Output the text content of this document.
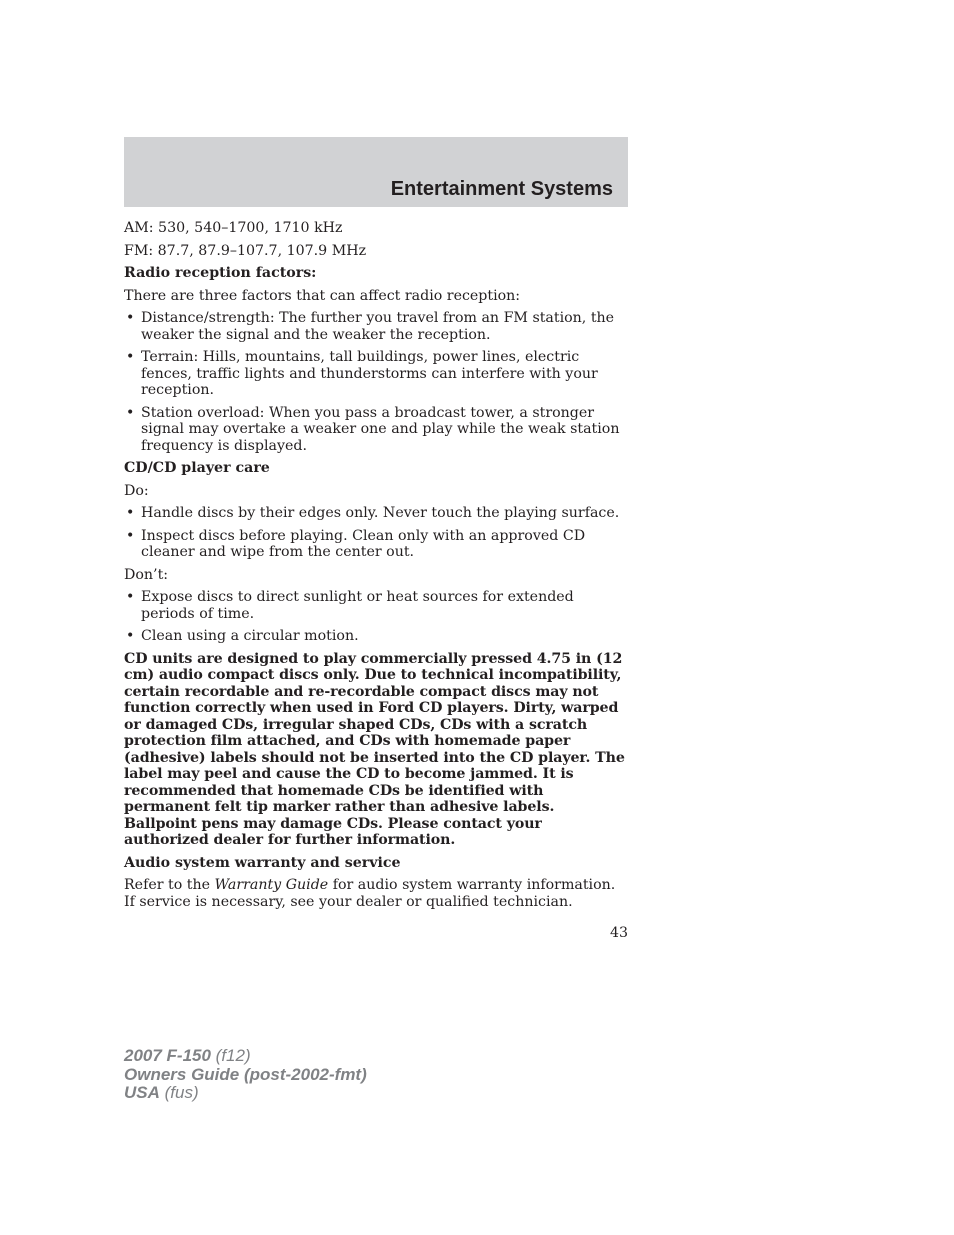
Entertainment Systems
AM: 530, 540–1700, 1710 kHz
FM: 87.7, 87.9–107.7, 107.9 MHz
Radio reception factors:
There are three factors that can affect radio reception:
• Distance/strength: The further you travel from an FM station, the weaker the signal and the weaker the reception.
• Terrain: Hills, mountains, tall buildings, power lines, electric fences, traffic lights and thunderstorms can interfere with your reception.
• Station overload: When you pass a broadcast tower, a stronger signal may overtake a weaker one and play while the weak station frequency is displayed.
CD/CD player care
Do:
• Handle discs by their edges only. Never touch the playing surface.
• Inspect discs before playing. Clean only with an approved CD cleaner and wipe from the center out.
Don’t:
• Expose discs to direct sunlight or heat sources for extended periods of time.
• Clean using a circular motion.
CD units are designed to play commercially pressed 4.75 in (12 cm) audio compact discs only. Due to technical incompatibility, certain recordable and re-recordable compact discs may not function correctly when used in Ford CD players. Dirty, warped or damaged CDs, irregular shaped CDs, CDs with a scratch protection film attached, and CDs with homemade paper (adhesive) labels should not be inserted into the CD player. The label may peel and cause the CD to become jammed. It is recommended that homemade CDs be identified with permanent felt tip marker rather than adhesive labels. Ballpoint pens may damage CDs. Please contact your authorized dealer for further information.
Audio system warranty and service
Refer to the Warranty Guide for audio system warranty information. If service is necessary, see your dealer or qualified technician.
43
2007 F-150 (f12)
Owners Guide (post-2002-fmt)
USA (fus)
